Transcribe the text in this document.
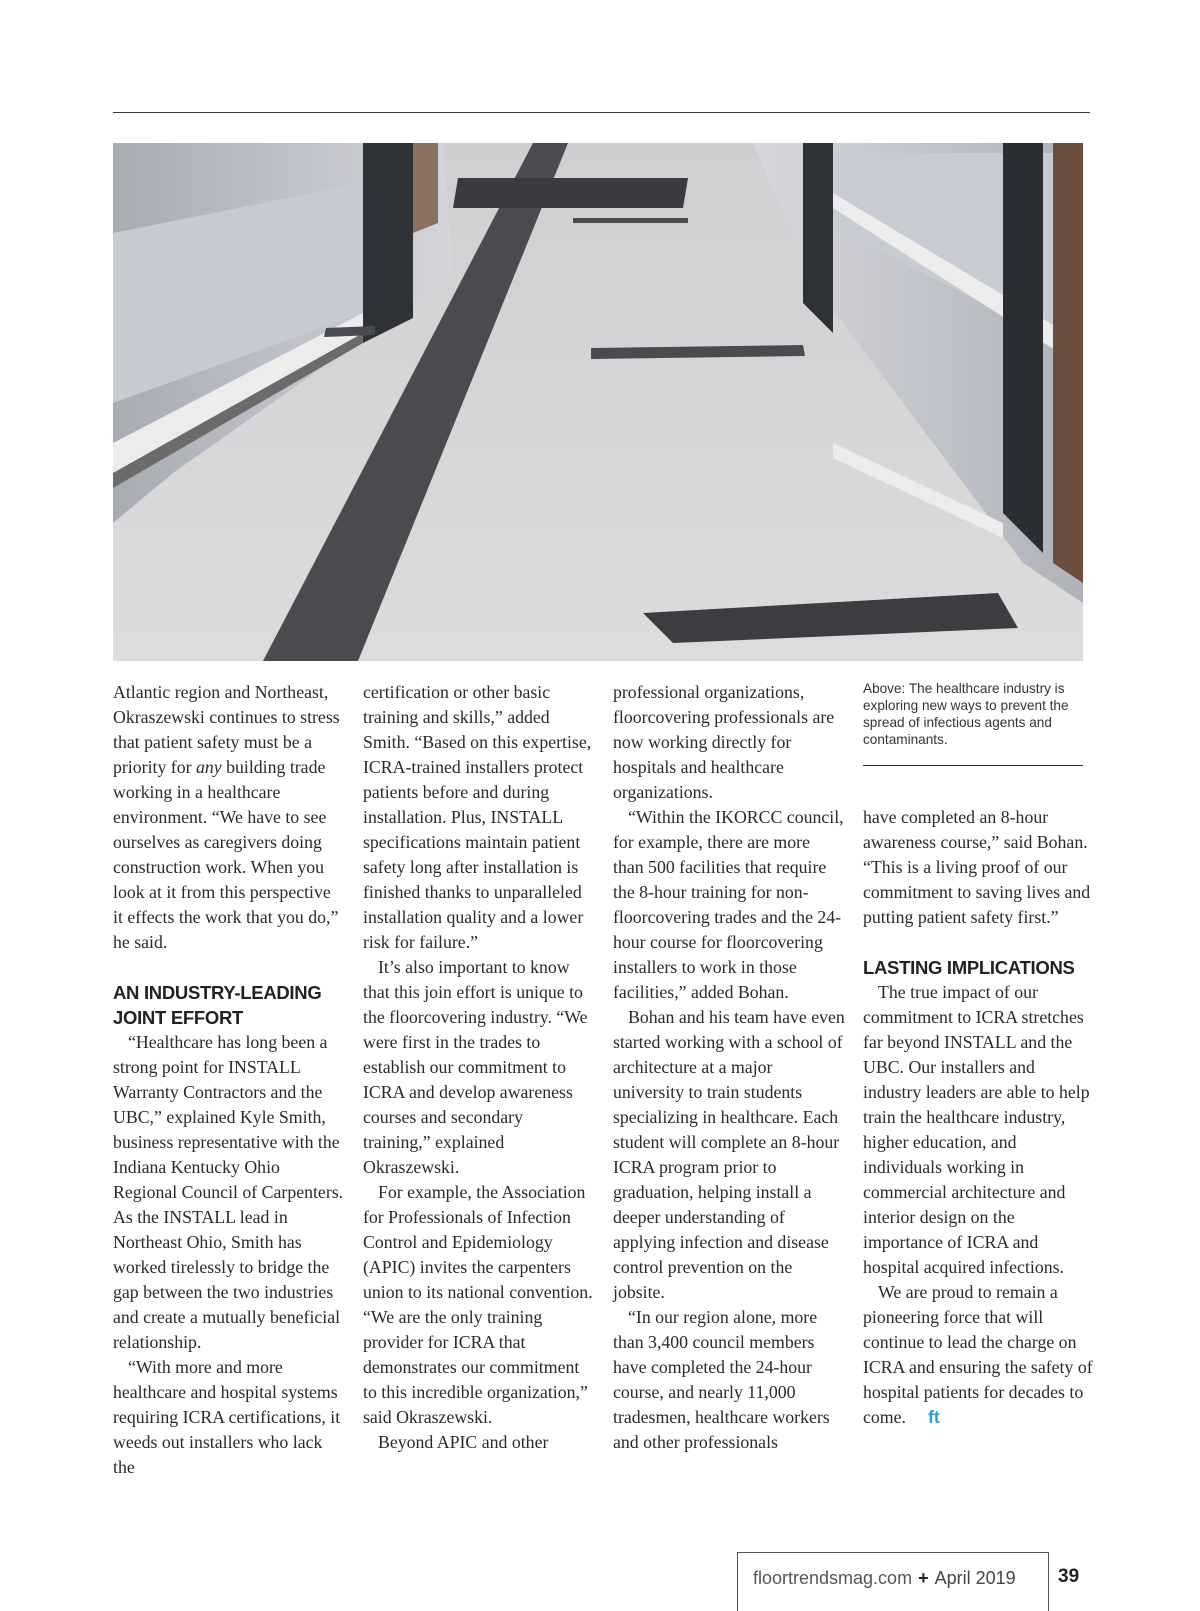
Atlantic region and Northeast, Okraszewski continues to stress that patient safety must be a priority for any building trade working in a healthcare environment. “We have to see ourselves as caregivers doing construction work. When you look at it from this perspective it effects the work that you do,” he said.

AN INDUSTRY-LEADING JOINT EFFORT

“Healthcare has long been a strong point for INSTALL Warranty Contractors and the UBC,” explained Kyle Smith, business representative with the Indiana Kentucky Ohio Regional Council of Carpenters.

As the INSTALL lead in Northeast Ohio, Smith has worked tirelessly to bridge the gap between the two industries and create a mutually beneficial relationship.

“With more and more healthcare and hospital systems requiring ICRA certifications, it weeds out installers who lack the

certification or other basic training and skills,” added Smith. “Based on this expertise, ICRA-trained installers protect patients before and during installation. Plus, INSTALL specifications maintain patient safety long after installation is finished thanks to unparalleled installation quality and a lower risk for failure.”

It’s also important to know that this join effort is unique to the floorcovering industry. “We were first in the trades to establish our commitment to ICRA and develop awareness courses and secondary training,” explained Okraszewski.

For example, the Association for Professionals of Infection Control and Epidemiology (APIC) invites the carpenters union to its national convention. “We are the only training provider for ICRA that demonstrates our commitment to this incredible organization,” said Okraszewski.

Beyond APIC and other

professional organizations, floorcovering professionals are now working directly for hospitals and healthcare organizations.

“Within the IKORCC council, for example, there are more than 500 facilities that require the 8-hour training for non-floorcovering trades and the 24-hour course for floorcovering installers to work in those facilities,” added Bohan.

Bohan and his team have even started working with a school of architecture at a major university to train students specializing in healthcare. Each student will complete an 8-hour ICRA program prior to graduation, helping install a deeper understanding of applying infection and disease control prevention on the jobsite.

“In our region alone, more than 3,400 council members have completed the 24-hour course, and nearly 11,000 tradesmen, healthcare workers and other professionals

Above: The healthcare industry is exploring new ways to prevent the spread of infectious agents and contaminants.

have completed an 8-hour awareness course,” said Bohan. “This is a living proof of our commitment to saving lives and putting patient safety first.”

LASTING IMPLICATIONS

The true impact of our commitment to ICRA stretches far beyond INSTALL and the UBC. Our installers and industry leaders are able to help train the healthcare industry, higher education, and individuals working in commercial architecture and interior design on the importance of ICRA and hospital acquired infections.

We are proud to remain a pioneering force that will continue to lead the charge on ICRA and ensuring the safety of hospital patients for decades to come. ft

floortrendsmag.com + April 2019 39
